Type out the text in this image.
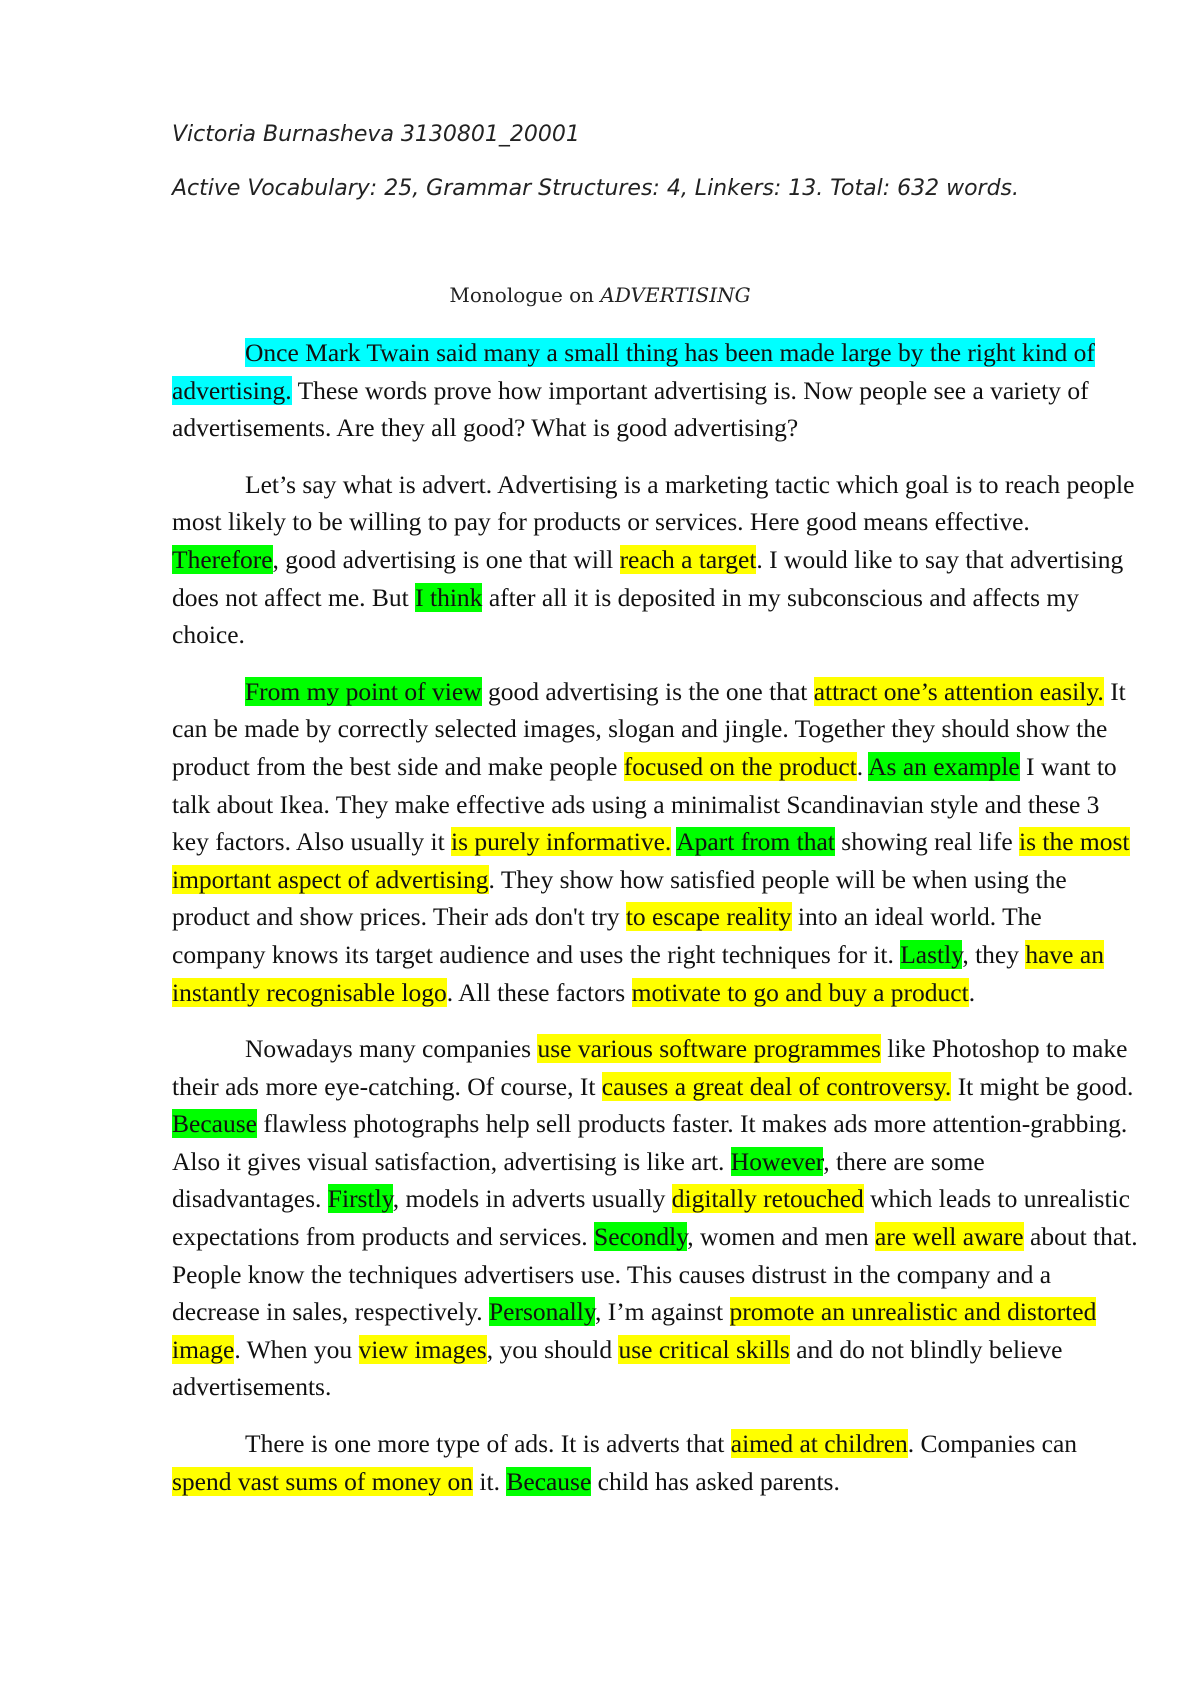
Victoria Burnasheva 3130801_20001
Active Vocabulary: 25, Grammar Structures: 4, Linkers: 13. Total: 632 words.
Monologue on ADVERTISING

Once Mark Twain said many a small thing has been made large by the right kind of advertising. These words prove how important advertising is. Now people see a variety of advertisements. Are they all good? What is good advertising?

Let’s say what is advert. Advertising is a marketing tactic which goal is to reach people most likely to be willing to pay for products or services. Here good means effective. Therefore, good advertising is one that will reach a target. I would like to say that advertising does not affect me. But I think after all it is deposited in my subconscious and affects my choice.

From my point of view good advertising is the one that attract one’s attention easily. It can be made by correctly selected images, slogan and jingle. Together they should show the product from the best side and make people focused on the product. As an example I want to talk about Ikea. They make effective ads using a minimalist Scandinavian style and these 3 key factors. Also usually it is purely informative. Apart from that showing real life is the most important aspect of advertising. They show how satisfied people will be when using the product and show prices. Their ads don't try to escape reality into an ideal world. The company knows its target audience and uses the right techniques for it. Lastly, they have an instantly recognisable logo. All these factors motivate to go and buy a product.

Nowadays many companies use various software programmes like Photoshop to make their ads more eye-catching. Of course, It causes a great deal of controversy. It might be good. Because flawless photographs help sell products faster. It makes ads more attention-grabbing. Also it gives visual satisfaction, advertising is like art. However, there are some disadvantages. Firstly, models in adverts usually digitally retouched which leads to unrealistic expectations from products and services. Secondly, women and men are well aware about that. People know the techniques advertisers use. This causes distrust in the company and a decrease in sales, respectively. Personally, I’m against promote an unrealistic and distorted image. When you view images, you should use critical skills and do not blindly believe advertisements.

There is one more type of ads. It is adverts that aimed at children. Companies can spend vast sums of money on it. Because child has asked parents.
